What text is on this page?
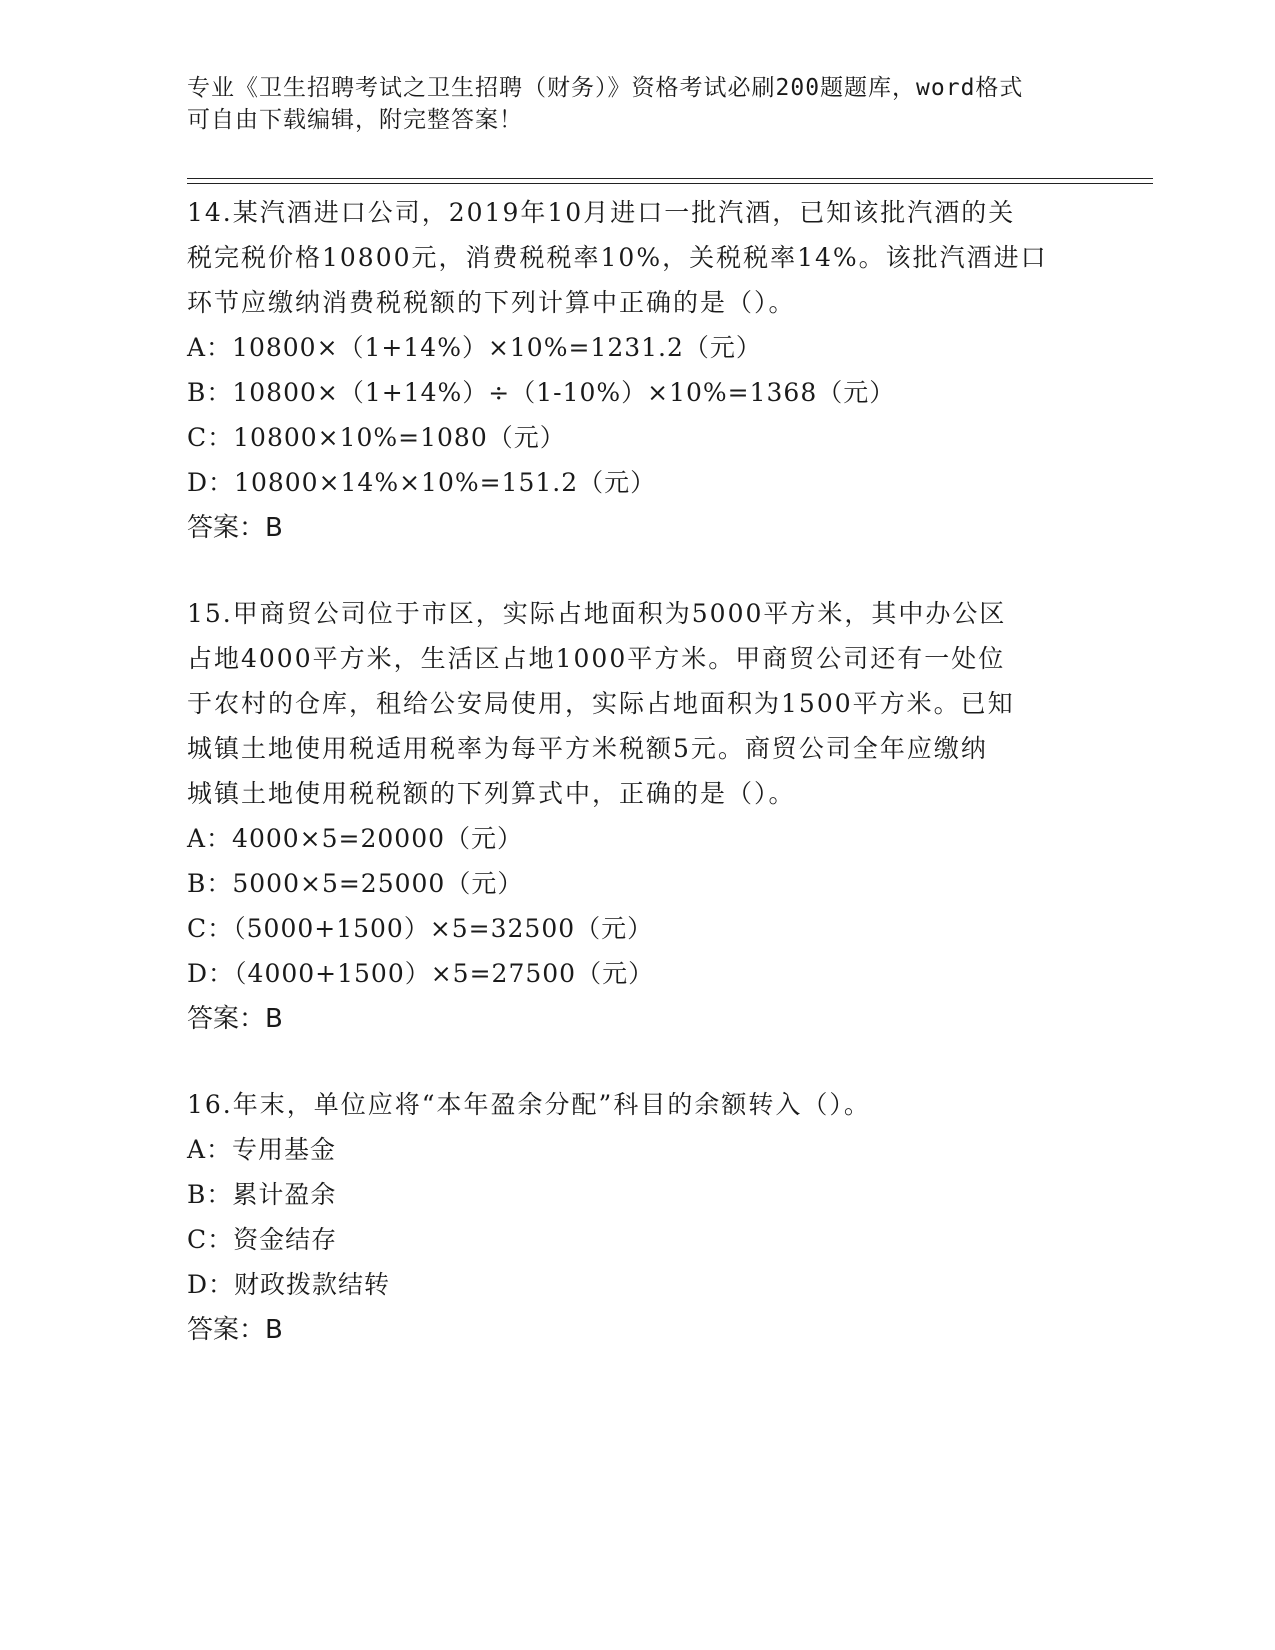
专业《卫生招聘考试之卫生招聘（财务）》资格考试必刷200题题库，word格式
可自由下载编辑，附完整答案！

14.某汽酒进口公司，2019年10月进口一批汽酒，已知该批汽酒的关

税完税价格10800元，消费税税率10%，关税税率14%。该批汽酒进口

环节应缴纳消费税税额的下列计算中正确的是（）。

A：10800×（1+14%）×10%=1231.2（元）

B：10800×（1+14%）÷（1-10%）×10%=1368（元）

C：10800×10%=1080（元）

D：10800×14%×10%=151.2（元）

答案：B

15.甲商贸公司位于市区，实际占地面积为5000平方米，其中办公区

占地4000平方米，生活区占地1000平方米。甲商贸公司还有一处位

于农村的仓库，租给公安局使用，实际占地面积为1500平方米。已知

城镇土地使用税适用税率为每平方米税额5元。商贸公司全年应缴纳

城镇土地使用税税额的下列算式中，正确的是（）。

A：4000×5=20000（元）

B：5000×5=25000（元）

C：（5000+1500）×5=32500（元）

D：（4000+1500）×5=27500（元）

答案：B

16.年末，单位应将“本年盈余分配”科目的余额转入（）。

A：专用基金

B：累计盈余

C：资金结存

D：财政拨款结转

答案：B
